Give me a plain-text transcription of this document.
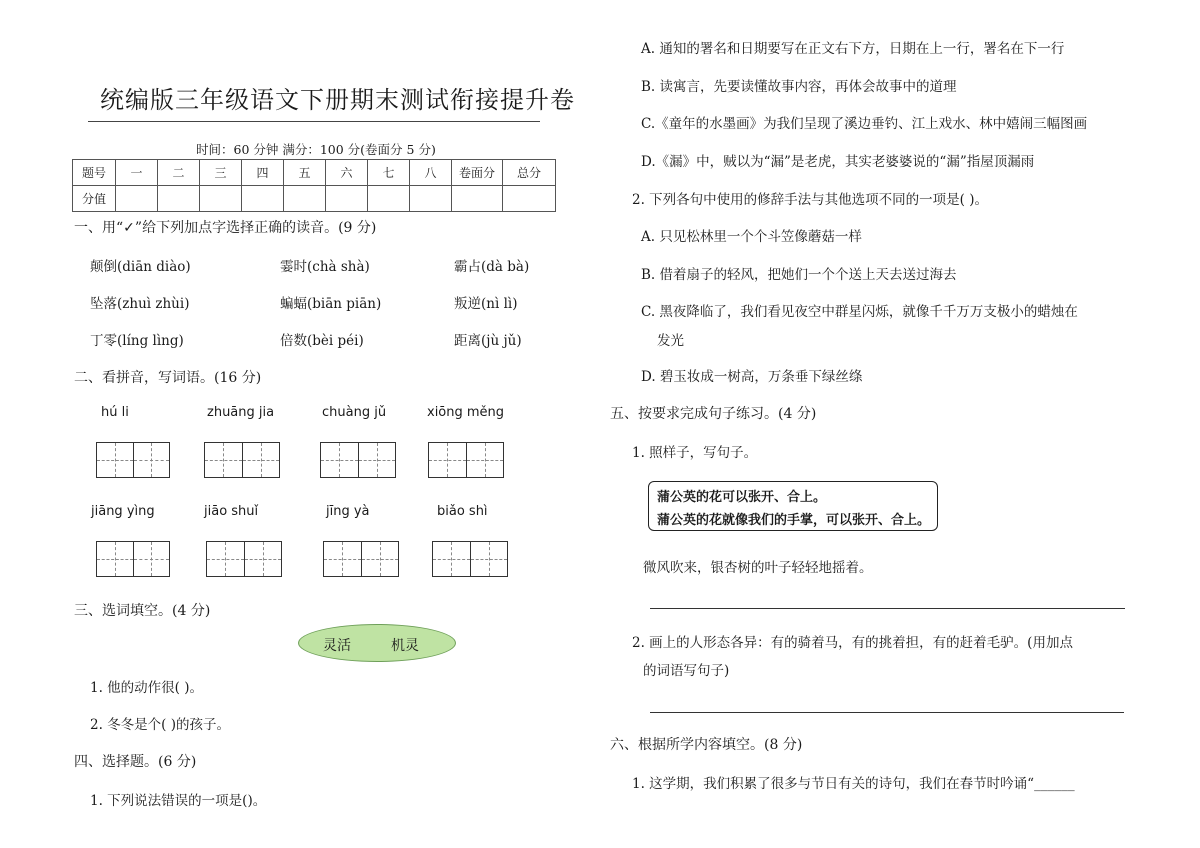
统编版三年级语文下册期末测试衔接提升卷
时间：60 分钟 满分：100 分(卷面分 5 分)
题号	一	二	三	四	五	六	七	八	卷面分	总分
分值										
一、用“✓”给下列加点字选择正确的读音。(9 分)
颠倒(diān diào)	霎时(chà shà)	霸占(dà bà)
坠落(zhuì zhùi)	蝙蝠(biān piān)	叛逆(nì lì)
丁零(líng lìng)	倍数(bèi péi)	距离(jù jǔ)
二、看拼音，写词语。(16 分)
hú li	zhuāng jia	chuàng jǔ	xiōng měng
jiāng yìng	jiāo shuǐ	jīng yà	biǎo shì
三、选词填空。(4 分)
灵活	机灵
1. 他的动作很( )。
2. 冬冬是个( )的孩子。
四、选择题。(6 分)
1. 下列说法错误的一项是()。
A. 通知的署名和日期要写在正文右下方，日期在上一行，署名在下一行
B. 读寓言，先要读懂故事内容，再体会故事中的道理
C.《童年的水墨画》为我们呈现了溪边垂钓、江上戏水、林中嬉闹三幅图画
D.《漏》中，贼以为“漏”是老虎，其实老婆婆说的“漏”指屋顶漏雨
2. 下列各句中使用的修辞手法与其他选项不同的一项是( )。
A. 只见松林里一个个斗笠像蘑菇一样
B. 借着扇子的轻风，把她们一个个送上天去送过海去
C. 黑夜降临了，我们看见夜空中群星闪烁，就像千千万万支极小的蜡烛在
发光
D. 碧玉妆成一树高，万条垂下绿丝绦
五、按要求完成句子练习。(4 分)
1. 照样子，写句子。
蒲公英的花可以张开、合上。
蒲公英的花就像我们的手掌，可以张开、合上。
微风吹来，银杏树的叶子轻轻地摇着。
2. 画上的人形态各异：有的骑着马，有的挑着担，有的赶着毛驴。(用加点
的词语写句子)
六、根据所学内容填空。(8 分)
1. 这学期，我们积累了很多与节日有关的诗句，我们在春节时吟诵“______
